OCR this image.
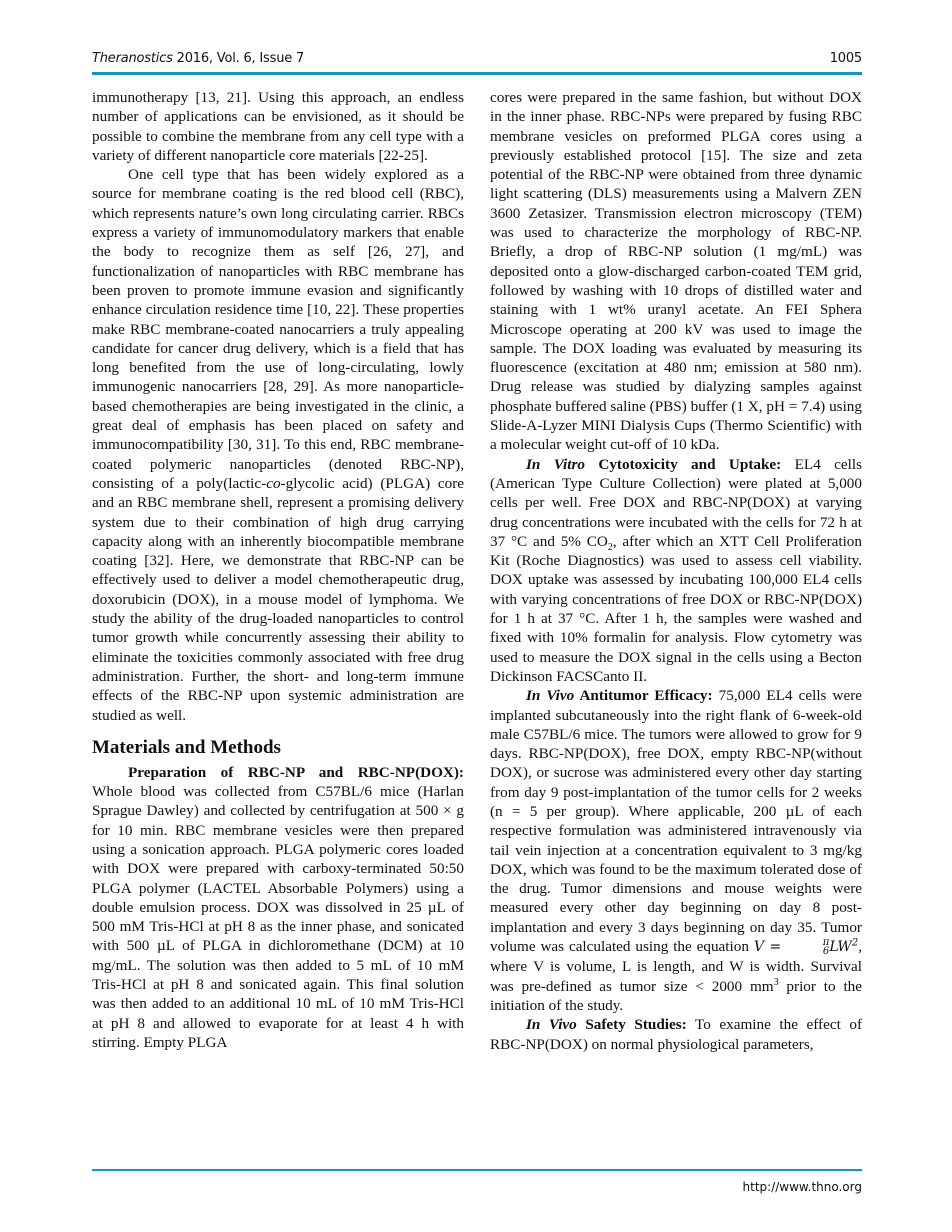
Theranostics 2016, Vol. 6, Issue 7	1005

immunotherapy [13, 21]. Using this approach, an endless number of applications can be envisioned, as it should be possible to combine the membrane from any cell type with a variety of different nanoparticle core materials [22-25].

One cell type that has been widely explored as a source for membrane coating is the red blood cell (RBC), which represents nature’s own long circulating carrier. RBCs express a variety of immunomodulatory markers that enable the body to recognize them as self [26, 27], and functionalization of nanoparticles with RBC membrane has been proven to promote immune evasion and significantly enhance circulation residence time [10, 22]. These properties make RBC membrane-coated nanocarriers a truly appealing candidate for cancer drug delivery, which is a field that has long benefited from the use of long-circulating, lowly immunogenic nanocarriers [28, 29]. As more nanoparticle-based chemotherapies are being investigated in the clinic, a great deal of emphasis has been placed on safety and immunocompatibility [30, 31]. To this end, RBC membrane-coated polymeric nanoparticles (denoted RBC-NP), consisting of a poly(lactic-co-glycolic acid) (PLGA) core and an RBC membrane shell, represent a promising delivery system due to their combination of high drug carrying capacity along with an inherently biocompatible membrane coating [32]. Here, we demonstrate that RBC-NP can be effectively used to deliver a model chemotherapeutic drug, doxorubicin (DOX), in a mouse model of lymphoma. We study the ability of the drug-loaded nanoparticles to control tumor growth while concurrently assessing their ability to eliminate the toxicities commonly associated with free drug administration. Further, the short- and long-term immune effects of the RBC-NP upon systemic administration are studied as well.

Materials and Methods

Preparation of RBC-NP and RBC-NP(DOX): Whole blood was collected from C57BL/6 mice (Harlan Sprague Dawley) and collected by centrifugation at 500 × g for 10 min. RBC membrane vesicles were then prepared using a sonication approach. PLGA polymeric cores loaded with DOX were prepared with carboxy-terminated 50:50 PLGA polymer (LACTEL Absorbable Polymers) using a double emulsion process. DOX was dissolved in 25 µL of 500 mM Tris-HCl at pH 8 as the inner phase, and sonicated with 500 µL of PLGA in dichloromethane (DCM) at 10 mg/mL. The solution was then added to 5 mL of 10 mM Tris-HCl at pH 8 and sonicated again. This final solution was then added to an additional 10 mL of 10 mM Tris-HCl at pH 8 and allowed to evaporate for at least 4 h with stirring. Empty PLGA

cores were prepared in the same fashion, but without DOX in the inner phase. RBC-NPs were prepared by fusing RBC membrane vesicles on preformed PLGA cores using a previously established protocol [15]. The size and zeta potential of the RBC-NP were obtained from three dynamic light scattering (DLS) measurements using a Malvern ZEN 3600 Zetasizer. Transmission electron microscopy (TEM) was used to characterize the morphology of RBC-NP. Briefly, a drop of RBC-NP solution (1 mg/mL) was deposited onto a glow-discharged carbon-coated TEM grid, followed by washing with 10 drops of distilled water and staining with 1 wt% uranyl acetate. An FEI Sphera Microscope operating at 200 kV was used to image the sample. The DOX loading was evaluated by measuring its fluorescence (excitation at 480 nm; emission at 580 nm). Drug release was studied by dialyzing samples against phosphate buffered saline (PBS) buffer (1 X, pH = 7.4) using Slide-A-Lyzer MINI Dialysis Cups (Thermo Scientific) with a molecular weight cut-off of 10 kDa.

In Vitro Cytotoxicity and Uptake: EL4 cells (American Type Culture Collection) were plated at 5,000 cells per well. Free DOX and RBC-NP(DOX) at varying drug concentrations were incubated with the cells for 72 h at 37 °C and 5% $CO_2$, after which an XTT Cell Proliferation Kit (Roche Diagnostics) was used to assess cell viability. DOX uptake was assessed by incubating 100,000 EL4 cells with varying concentrations of free DOX or RBC-NP(DOX) for 1 h at 37 °C. After 1 h, the samples were washed and fixed with 10% formalin for analysis. Flow cytometry was used to measure the DOX signal in the cells using a Becton Dickinson FACSCanto II.

In Vivo Antitumor Efficacy: 75,000 EL4 cells were implanted subcutaneously into the right flank of 6-week-old male C57BL/6 mice. The tumors were allowed to grow for 9 days. RBC-NP(DOX), free DOX, empty RBC-NP(without DOX), or sucrose was administered every other day starting from day 9 post-implantation of the tumor cells for 2 weeks (n = 5 per group). Where applicable, 200 µL of each respective formulation was administered intravenously via tail vein injection at a concentration equivalent to 3 mg/kg DOX, which was found to be the maximum tolerated dose of the drug. Tumor dimensions and mouse weights were measured every other day beginning on day 8 post-implantation and every 3 days beginning on day 35. Tumor volume was calculated using the equation V =	π
6 $LW^2$, where V is volume, L is length, and W is width. Survival was pre-defined as tumor size < 2000 $mm^3$ prior to the initiation of the study.

In Vivo Safety Studies: To examine the effect of RBC-NP(DOX) on normal physiological parameters,

http://www.thno.org
